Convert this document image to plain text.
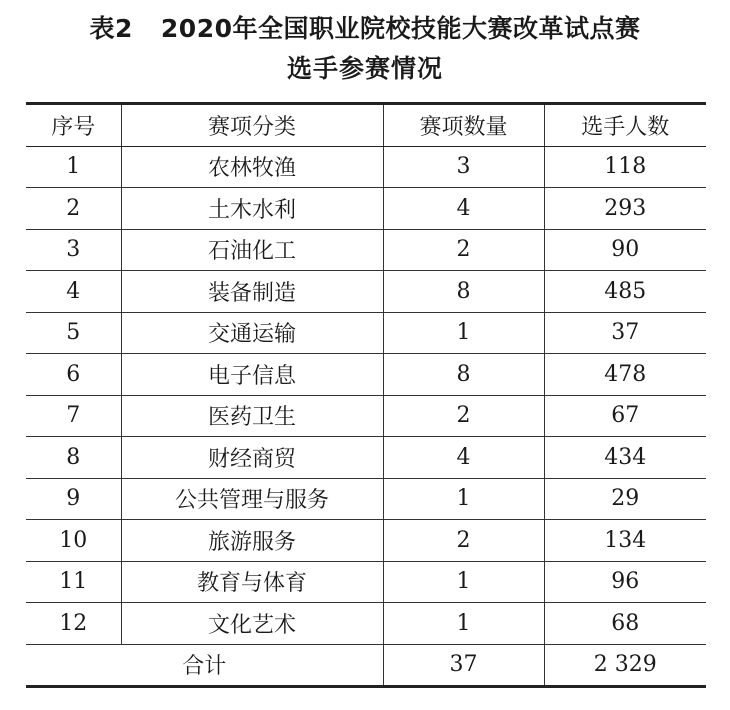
表2 2020年全国职业院校技能大赛改革试点赛
选手参赛情况
序号	赛项分类	赛项数量	选手人数
1	农林牧渔	3	118
2	土木水利	4	293
3	石油化工	2	90
4	装备制造	8	485
5	交通运输	1	37
6	电子信息	8	478
7	医药卫生	2	67
8	财经商贸	4	434
9	公共管理与服务	1	29
10	旅游服务	2	134
11	教育与体育	1	96
12	文化艺术	1	68
合计		37	2 329
